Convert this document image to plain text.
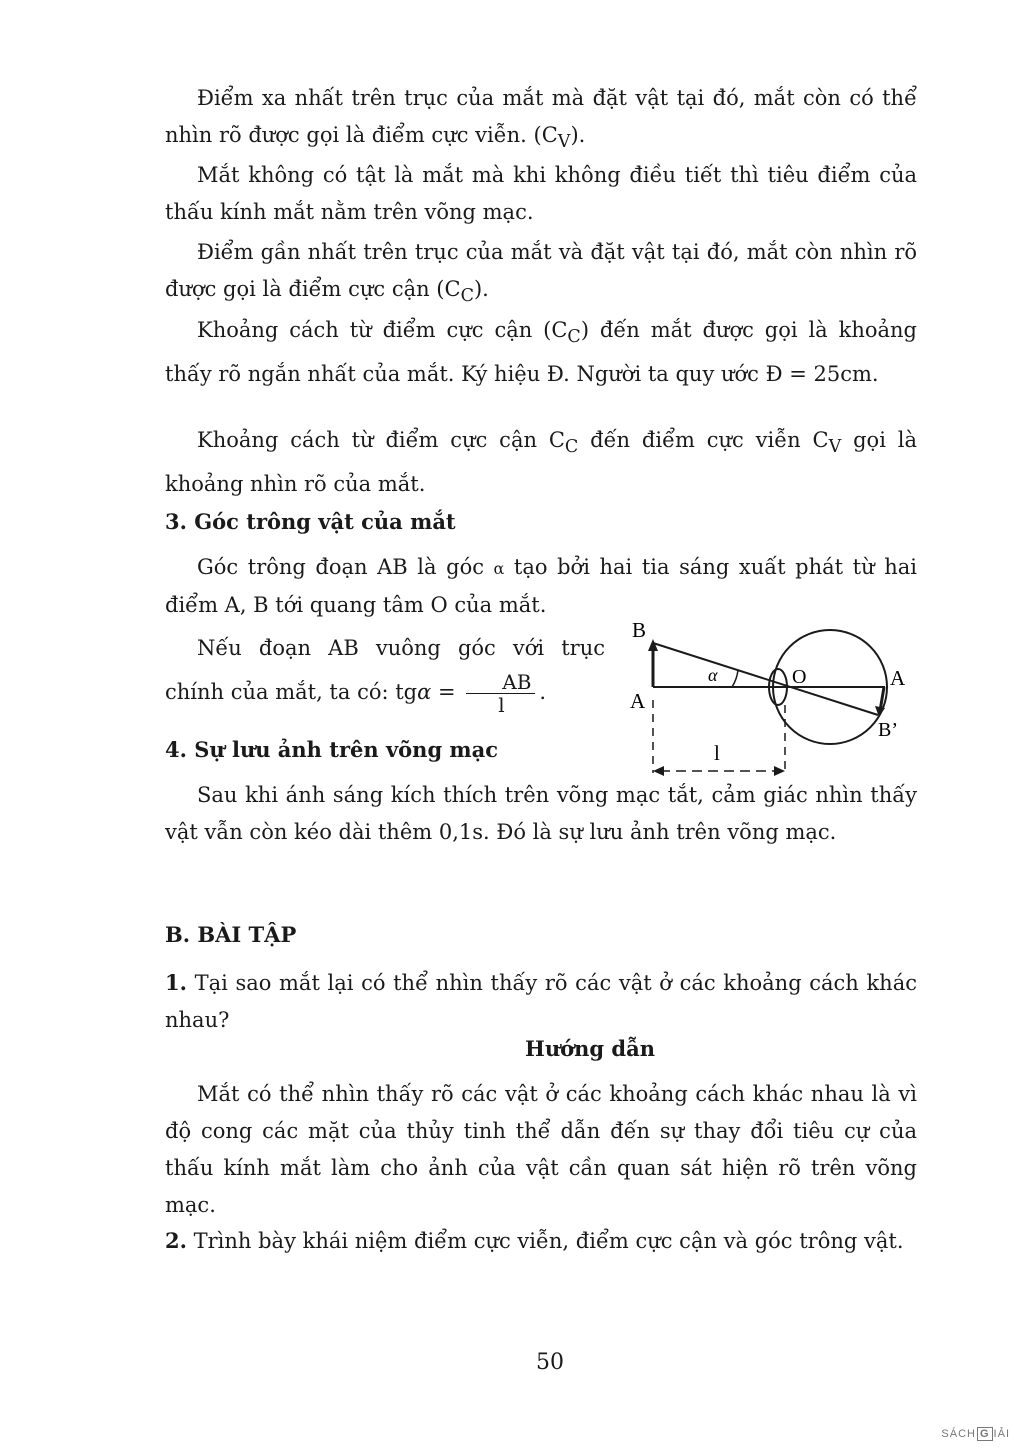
Điểm xa nhất trên trục của mắt mà đặt vật tại đó, mắt còn có thể nhìn rõ được gọi là điểm cực viễn. $(C_V)$.

Mắt không có tật là mắt mà khi không điều tiết thì tiêu điểm của thấu kính mắt nằm trên võng mạc.

Điểm gần nhất trên trục của mắt và đặt vật tại đó, mắt còn nhìn rõ được gọi là điểm cực cận $(C_C)$.

Khoảng cách từ điểm cực cận $(C_C)$ đến mắt được gọi là khoảng thấy rõ ngắn nhất của mắt. Ký hiệu Đ. Người ta quy ước Đ = 25cm.

Khoảng cách từ điểm cực cận $C_C$ đến điểm cực viễn $C_V$ gọi là khoảng nhìn rõ của mắt.

3. Góc trông vật của mắt

Góc trông đoạn AB là góc α tạo bởi hai tia sáng xuất phát từ hai điểm A, B tới quang tâm O của mắt.

Nếu đoạn AB vuông góc với trục chính của mắt, ta có: $tg\alpha = \frac{AB}{l}$ .

4. Sự lưu ảnh trên võng mạc

Sau khi ánh sáng kích thích trên võng mạc tắt, cảm giác nhìn thấy vật vẫn còn kéo dài thêm 0,1s. Đó là sự lưu ảnh trên võng mạc.

B
A
A
B’
O
α
l
B. BÀI TẬP

1. Tại sao mắt lại có thể nhìn thấy rõ các vật ở các khoảng cách khác nhau?

Hướng dẫn

Mắt có thể nhìn thấy rõ các vật ở các khoảng cách khác nhau là vì độ cong các mặt của thủy tinh thể dẫn đến sự thay đổi tiêu cự của thấu kính mắt làm cho ảnh của vật cần quan sát hiện rõ trên võng mạc.

2. Trình bày khái niệm điểm cực viễn, điểm cực cận và góc trông vật.

50
SÁCH G IẢI
